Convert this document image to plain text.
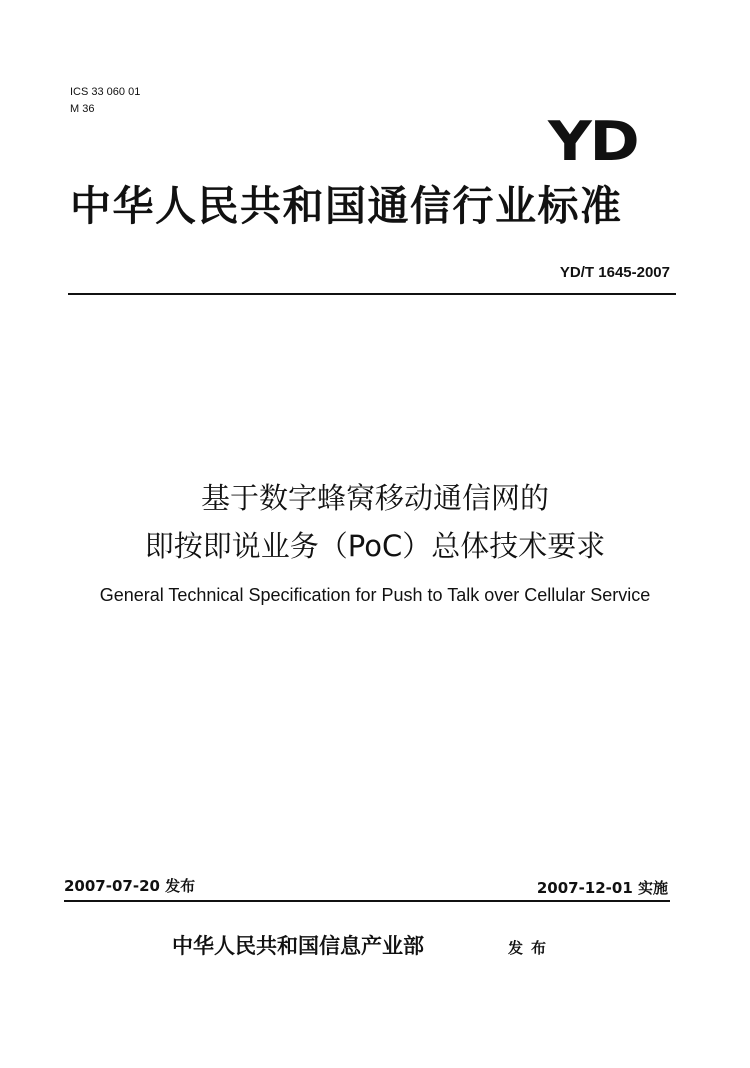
ICS 33 060 01
M 36
YD
中华人民共和国通信行业标准
YD/T 1645-2007
基于数字蜂窝移动通信网的
即按即说业务（PoC）总体技术要求
General Technical Specification for Push to Talk over Cellular Service
2007-07-20 发布	2007-12-01 实施
中华人民共和国信息产业部	发布
